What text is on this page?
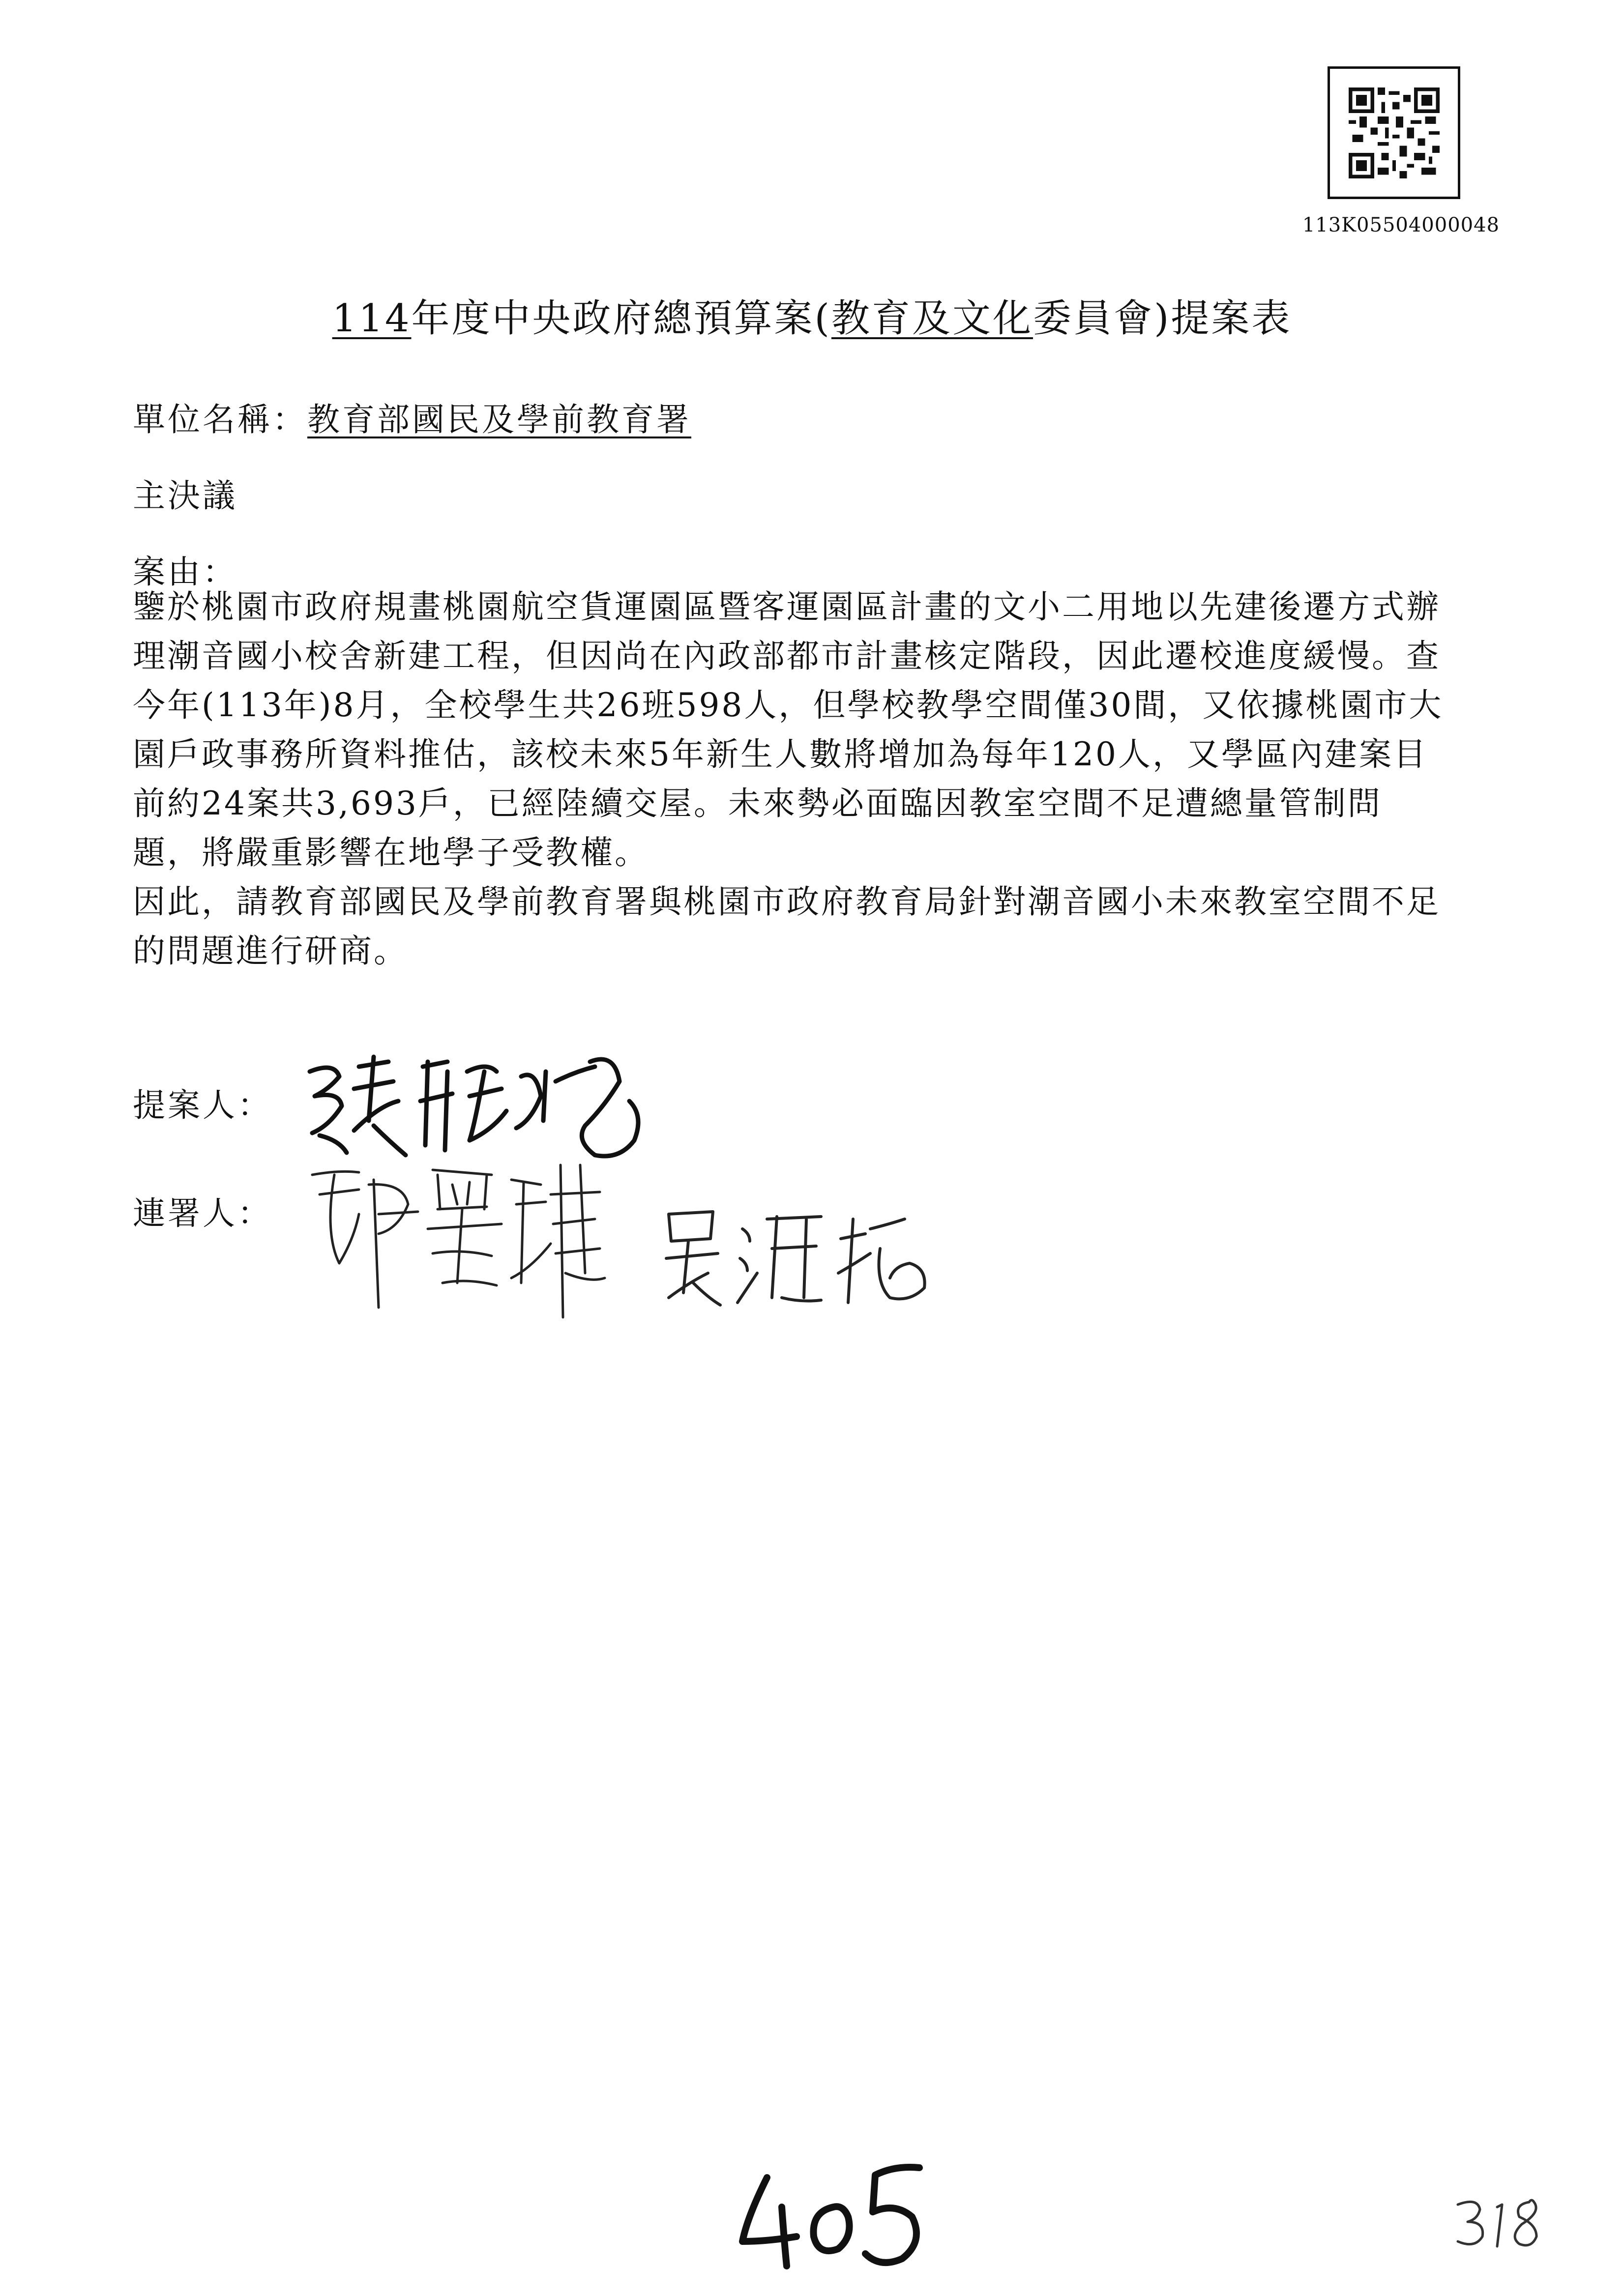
113K05504000048
114年度中央政府總預算案(教育及文化委員會)提案表
單位名稱：教育部國民及學前教育署
主決議
案由：
鑒於桃園市政府規畫桃園航空貨運園區暨客運園區計畫的文小二用地以先建後遷方式辦理潮音國小校舍新建工程，但因尚在內政部都市計畫核定階段，因此遷校進度緩慢。查今年(113年)8月，全校學生共26班598人，但學校教學空間僅30間，又依據桃園市大園戶政事務所資料推估，該校未來5年新生人數將增加為每年120人，又學區內建案目前約24案共3,693戶，已經陸續交屋。未來勢必面臨因教室空間不足遭總量管制問題，將嚴重影響在地學子受教權。
因此，請教育部國民及學前教育署與桃園市政府教育局針對潮音國小未來教室空間不足的問題進行研商。
提案人：
連署人：
